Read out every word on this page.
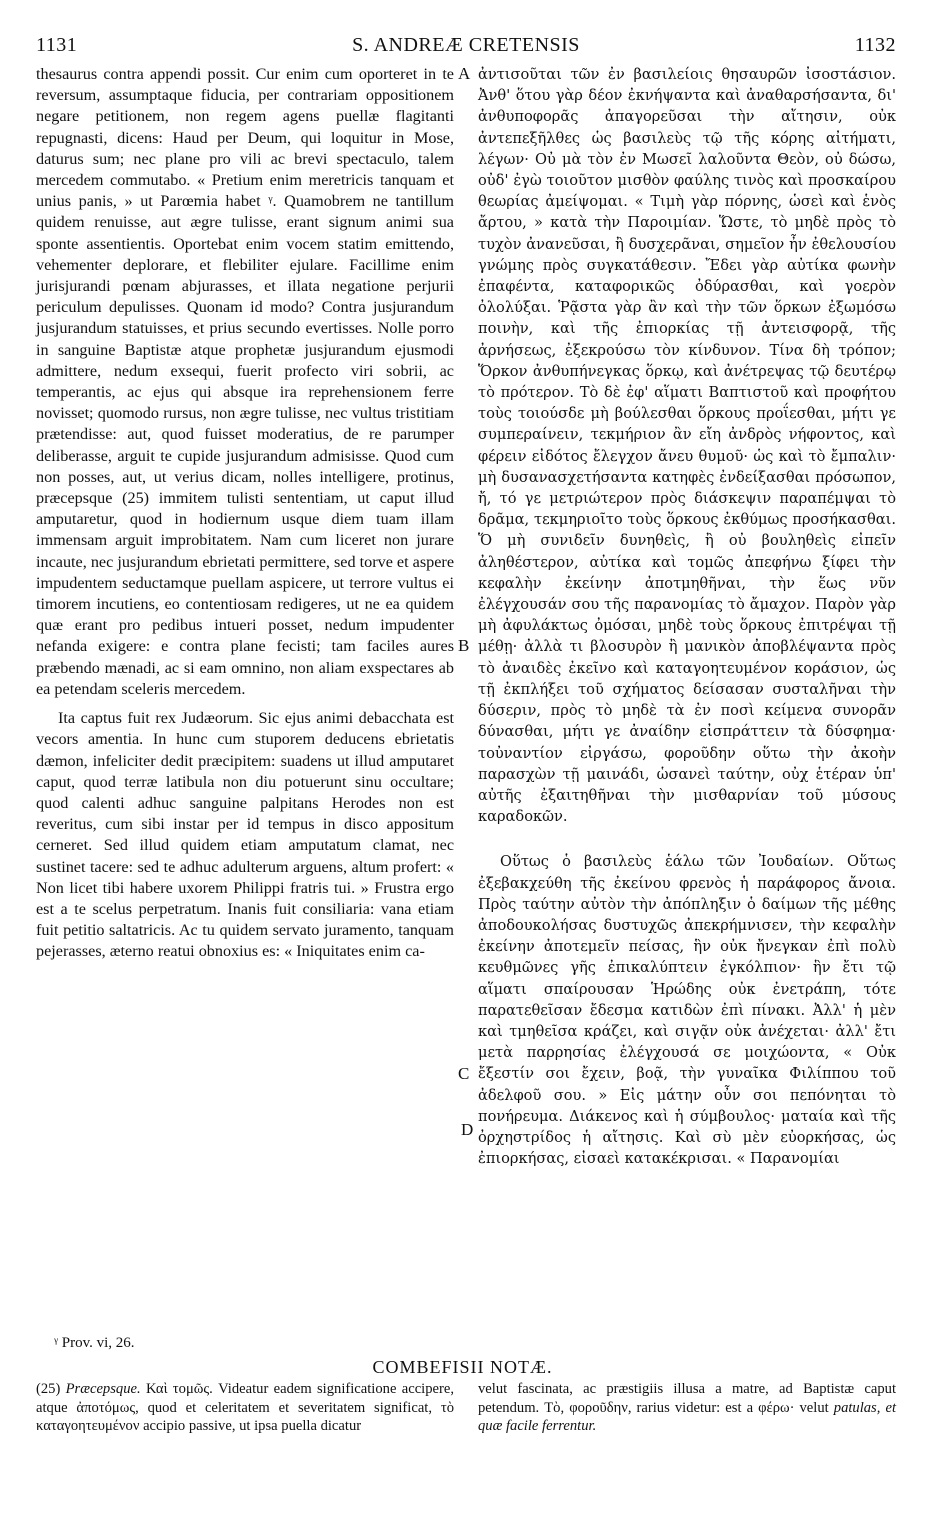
1131	S. ANDREÆ CRETENSIS	1132

thesaurus contra appendi possit. Cur enim cum oporteret in te reversum, assumptaque fiducia, per contrariam oppositionem negare petitionem, non regem agens puellæ flagitanti repugnasti, dicens: Haud per Deum, qui loquitur in Mose, daturus sum; nec plane pro vili ac brevi spectaculo, talem mercedem commutabo. « Pretium enim meretricis tanquam et unius panis, » ut Parœmia habet ᵞ. Quamobrem ne tantillum quidem renuisse, aut ægre tulisse, erant signum animi sua sponte assentientis. Oportebat enim vocem statim emittendo, vehementer deplorare, et flebiliter ejulare. Facillime enim jurisjurandi pœnam abjurasses, et illata negatione perjurii periculum depulisses. Quonam id modo? Contra jusjurandum jusjurandum statuisses, et prius secundo evertisses. Nolle porro in sanguine Baptistæ atque prophetæ jusjurandum ejusmodi admittere, nedum exsequi, fuerit profecto viri sobrii, ac temperantis, ac ejus qui absque ira reprehensionem ferre novisset; quomodo rursus, non ægre tulisse, nec vultus tristitiam prætendisse: aut, quod fuisset moderatius, de re parumper deliberasse, arguit te cupide jusjurandum admisisse. Quod cum non posses, aut, ut verius dicam, nolles intelligere, protinus, præcepsque (25) immitem tulisti sententiam, ut caput illud amputaretur, quod in hodiernum usque diem tuam illam immensam arguit improbitatem. Nam cum liceret non jurare incaute, nec jusjurandum ebrietati permittere, sed torve et aspere impudentem seductamque puellam aspicere, ut terrore vultus ei timorem incutiens, eo contentiosam redigeres, ut ne ea quidem quæ erant pro pedibus intueri posset, nedum impudenter nefanda exigere: e contra plane fecisti; tam faciles aures præbendo mænadi, ac si eam omnino, non aliam exspectares ab ea petendam sceleris mercedem.

Ita captus fuit rex Judæorum. Sic ejus animi debacchata est vecors amentia. In hunc cum stuporem deducens ebrietatis dæmon, infeliciter dedit præcipitem: suadens ut illud amputaret caput, quod terræ latibula non diu potuerunt sinu occultare; quod calenti adhuc sanguine palpitans Herodes non est reveritus, cum sibi instar per id tempus in disco appositum cerneret. Sed illud quidem etiam amputatum clamat, nec sustinet tacere: sed te adhuc adulterum arguens, altum profert: « Non licet tibi habere uxorem Philippi fratris tui. » Frustra ergo est a te scelus perpetratum. Inanis fuit consiliaria: vana etiam fuit petitio saltatricis. Ac tu quidem servato juramento, tanquam pejerasses, æterno reatui obnoxius es: « Iniquitates enim ca-

A
B
C
D

ἀντισοῦται τῶν ἐν βασιλείοις θησαυρῶν ἰσοστάσιον. Ἀνθ' ὅτου γὰρ δέον ἐκνήψαντα καὶ ἀναθαρσήσαντα, δι' ἀνθυποφορᾶς ἀπαγορεῦσαι τὴν αἴτησιν, οὐκ ἀντεπεξῆλθες ὡς βασιλεὺς τῷ τῆς κόρης αἰτήματι, λέγων· Οὐ μὰ τὸν ἐν Μωσεῖ λαλοῦντα Θεὸν, οὐ δώσω, οὐδ' ἐγὼ τοιοῦτον μισθὸν φαύλης τινὸς καὶ προσκαίρου θεωρίας ἀμείψομαι. « Τιμὴ γὰρ πόρνης, ὡσεὶ καὶ ἑνὸς ἄρτου, » κατὰ τὴν Παροιμίαν. Ὥστε, τὸ μηδὲ πρὸς τὸ τυχὸν ἀνανεῦσαι, ἢ δυσχερᾶναι, σημεῖον ἦν ἐθελουσίου γνώμης πρὸς συγκατάθεσιν. Ἔδει γὰρ αὐτίκα φωνὴν ἐπαφέντα, καταφορικῶς ὀδύρασθαι, καὶ γοερὸν ὀλολύξαι. Ῥᾷστα γὰρ ἂν καὶ τὴν τῶν ὅρκων ἐξωμόσω ποινὴν, καὶ τῆς ἐπιορκίας τῇ ἀντεισφορᾷ, τῆς ἀρνήσεως, ἐξεκρούσω τὸν κίνδυνον. Τίνα δὴ τρόπον; Ὅρκον ἀνθυπήνεγκας ὅρκῳ, καὶ ἀνέτρεψας τῷ δευτέρῳ τὸ πρότερον. Τὸ δὲ ἐφ' αἵματι Βαπτιστοῦ καὶ προφήτου τοὺς τοιούσδε μὴ βούλεσθαι ὅρκους προΐεσθαι, μήτι γε συμπεραίνειν, τεκμήριον ἂν εἴη ἀνδρὸς νήφοντος, καὶ φέρειν εἰδότος ἔλεγχον ἄνευ θυμοῦ· ὡς καὶ τὸ ἔμπαλιν· μὴ δυσανασχετήσαντα κατηφὲς ἐνδείξασθαι πρόσωπον, ἤ, τό γε μετριώτερον πρὸς διάσκεψιν παραπέμψαι τὸ δρᾶμα, τεκμηριοῖτο τοὺς ὅρκους ἐκθύμως προσήκασθαι. Ὅ μὴ συνιδεῖν δυνηθεὶς, ἢ οὐ βουληθεὶς εἰπεῖν ἀληθέστερον, αὐτίκα καὶ τομῶς ἀπεφήνω ξίφει τὴν κεφαλὴν ἐκείνην ἀποτμηθῆναι, τὴν ἕως νῦν ἐλέγχουσάν σου τῆς παρανομίας τὸ ἄμαχον. Παρὸν γὰρ μὴ ἀφυλάκτως ὀμόσαι, μηδὲ τοὺς ὅρκους ἐπιτρέψαι τῇ μέθῃ· ἀλλὰ τι βλοσυρὸν ἢ μανικὸν ἀποβλέψαντα πρὸς τὸ ἀναιδὲς ἐκεῖνο καὶ καταγοητευμένον κοράσιον, ὡς τῇ ἐκπλήξει τοῦ σχήματος δείσασαν συσταλῆναι τὴν δύσεριν, πρὸς τὸ μηδὲ τὰ ἐν ποσὶ κείμενα συνορᾶν δύνασθαι, μήτι γε ἀναίδην εἰσπράττειν τὰ δύσφημα· τοὐναντίον εἰργάσω, φοροῦδην οὕτω τὴν ἀκοὴν παρασχὼν τῇ μαινάδι, ὡσανεὶ ταύτην, οὐχ ἑτέραν ὑπ' αὐτῆς ἐξαιτηθῆναι τὴν μισθαρνίαν τοῦ μύσους καραδοκῶν.

Οὕτως ὁ βασιλεὺς ἑάλω τῶν Ἰουδαίων. Οὕτως ἐξεβακχεύθη τῆς ἐκείνου φρενὸς ἡ παράφορος ἄνοια. Πρὸς ταύτην αὐτὸν τὴν ἀπόπληξιν ὁ δαίμων τῆς μέθης ἀποδουκολήσας δυστυχῶς ἀπεκρήμνισεν, τὴν κεφαλὴν ἐκείνην ἀποτεμεῖν πείσας, ἣν οὐκ ἤνεγκαν ἐπὶ πολὺ κευθμῶνες γῆς ἐπικαλύπτειν ἐγκόλπιον· ἣν ἔτι τῷ αἵματι σπαίρουσαν Ἡρώδης οὐκ ἐνετράπη, τότε παρατεθεῖσαν ἔδεσμα κατιδὼν ἐπὶ πίνακι. Ἀλλ' ἡ μὲν καὶ τμηθεῖσα κράζει, καὶ σιγᾷν οὐκ ἀνέχεται· ἀλλ' ἔτι μετὰ παρρησίας ἐλέγχουσά σε μοιχώοντα, « Οὐκ ἔξεστίν σοι ἔχειν, βοᾷ, τὴν γυναῖκα Φιλίππου τοῦ ἀδελφοῦ σου. » Εἰς μάτην οὖν σοι πεπόνηται τὸ πονήρευμα. Διάκενος καὶ ἡ σύμβουλος· ματαία καὶ τῆς ὀρχηστρίδος ἡ αἴτησις. Καὶ σὺ μὲν εὐορκήσας, ὡς ἐπιορκήσας, εἰσαεὶ κατακέκρισαι. « Παρανομίαι

ᵞ Prov. vi, 26.
COMBEFISII NOTÆ.

(25) Præcepsque. Καὶ τομῶς. Videatur eadem significatione accipere, atque ἀποτόμως, quod et celeritatem et severitatem significat, τὸ καταγοητευμένον accipio passive, ut ipsa puella dicatur

velut fascinata, ac præstigiis illusa a matre, ad Baptistæ caput petendum. Τὸ, φοροῦδην, rarius videtur: est a φέρω· velut patulas, et quæ facile ferrentur.
